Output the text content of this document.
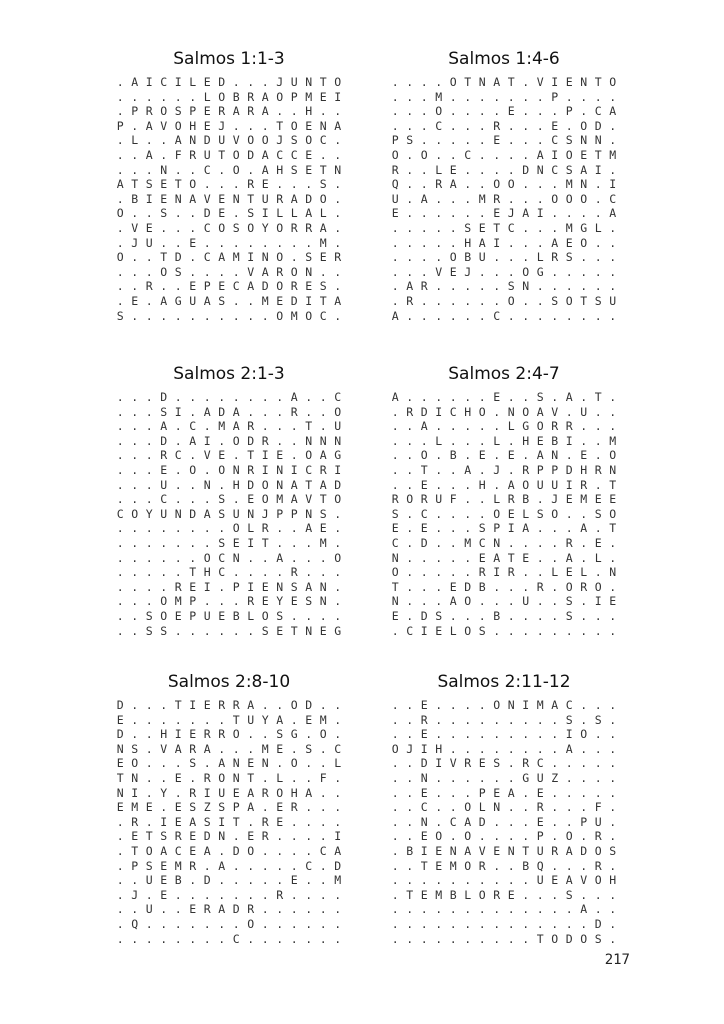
Salmos 1:1-3
. A I C I L E D . . . J U N T O
. . . . . . L O B R A O P M E I
. P R O S P E R A R A . . H . .
P . A V O H E J . . . T O E N A
. L . . A N D U V O O J S O C .
. . A . F R U T O D A C C E . .
. . . N . . C . O . A H S E T N
A T S E T O . . . R E . . . S .
. B I E N A V E N T U R A D O .
O . . S . . D E . S I L L A L .
. V E . . . C O S O Y O R R A .
. J U . . E . . . . . . . . M .
O . . T D . C A M I N O . S E R
. . . O S . . . . V A R O N . .
. . R . . E P E C A D O R E S .
. E . A G U A S . . M E D I T A
S . . . . . . . . . . O M O C .
Salmos 1:4-6
. . . . O T N A T . V I E N T O
. . . M . . . . . . . P . . . .
. . . O . . . . E . . . P . C A
. . . C . . . R . . . E . O D .
P S . . . . . E . . . C S N N .
O . O . . C . . . . A I O E T M
R . . L E . . . . D N C S A I .
Q . . R A . . O O . . . M N . I
U . A . . . M R . . . O O O . C
E . . . . . . E J A I . . . . A
. . . . . S E T C . . . M G L .
. . . . . H A I . . . A E O . .
. . . . O B U . . . L R S . . .
. . . V E J . . . O G . . . . .
. A R . . . . . S N . . . . . .
. R . . . . . . O . . S O T S U
A . . . . . . C . . . . . . . .
Salmos 2:1-3
. . . D . . . . . . . . A . . C
. . . S I . A D A . . . R . . O
. . . A . C . M A R . . . T . U
. . . D . A I . O D R . . N N N
. . . R C . V E . T I E . O A G
. . . E . O . O N R I N I C R I
. . . U . . N . H D O N A T A D
. . . C . . . S . E O M A V T O
C O Y U N D A S U N J P P N S .
. . . . . . . . O L R . . A E .
. . . . . . . S E I T . . . M .
. . . . . . O C N . . A . . . O
. . . . . T H C . . . . R . . .
. . . . R E I . P I E N S A N .
. . . O M P . . . R E Y E S N .
. . S O E P U E B L O S . . . .
. . S S . . . . . . S E T N E G
Salmos 2:4-7
A . . . . . . E . . S . A . T .
. R D I C H O . N O A V . U . .
. . A . . . . . L G O R R . . .
. . . L . . . L . H E B I . . M
. . O . B . E . E . A N . E . O
. . T . . A . J . R P P D H R N
. . E . . . H . A O U U I R . T
R O R U F . . L R B . J E M E E
S . C . . . . O E L S O . . S O
E . E . . . S P I A . . . A . T
C . D . . M C N . . . . R . E .
N . . . . . E A T E . . A . L .
O . . . . . R I R . . L E L . N
T . . . E D B . . . R . O R O .
N . . . A O . . . U . . S . I E
E . D S . . . B . . . . S . . .
. C I E L O S . . . . . . . . .
Salmos 2:8-10
D . . . T I E R R A . . O D . .
E . . . . . . . T U Y A . E M .
D . . H I E R R O . . S G . O .
N S . V A R A . . . M E . S . C
E O . . . S . A N E N . O . . L
T N . . E . R O N T . L . . F .
N I . Y . R I U E A R O H A . .
E M E . E S Z S P A . E R . . .
. R . I E A S I T . R E . . . .
. E T S R E D N . E R . . . . I
. T O A C E A . D O . . . . C A
. P S E M R . A . . . . . C . D
. . U E B . D . . . . . E . . M
. J . E . . . . . . . R . . . .
. . U . . E R A D R . . . . . .
. Q . . . . . . . O . . . . . .
. . . . . . . . C . . . . . . .
Salmos 2:11-12
. . E . . . . O N I M A C . . .
. . R . . . . . . . . . S . S .
. . E . . . . . . . . . I O . .
O J I H . . . . . . . . A . . .
. . D I V R E S . R C . . . . .
. . N . . . . . . G U Z . . . .
. . E . . . P E A . E . . . . .
. . C . . O L N . . R . . . F .
. . N . C A D . . . E . . P U .
. . E O . O . . . . P . O . R .
. B I E N A V E N T U R A D O S
. . T E M O R . . B Q . . . R .
. . . . . . . . . . U E A V O H
. T E M B L O R E . . . S . . .
. . . . . . . . . . . . . A . .
. . . . . . . . . . . . . . D .
. . . . . . . . . . T O D O S .
217
